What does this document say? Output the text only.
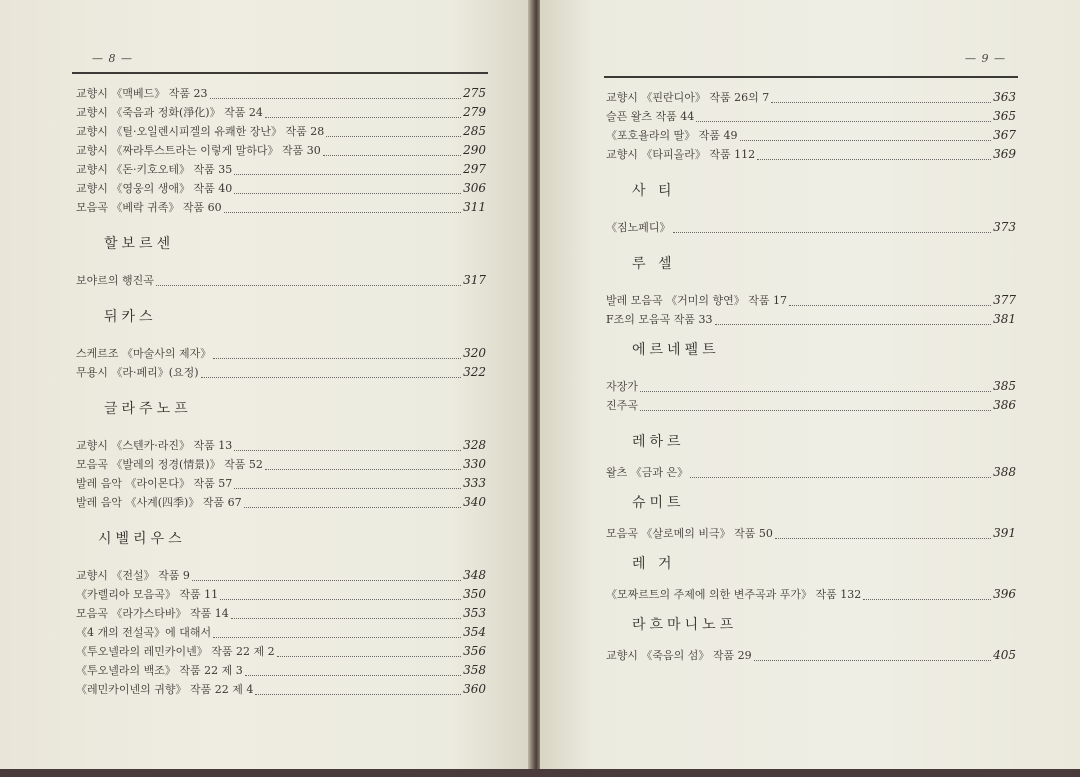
— 8 —
교향시 《맥베드》 작품 23	275
교향시 《죽음과 정화(淨化)》 작품 24	279
교향시 《틸·오일렌시피겔의 유쾌한 장난》 작품 28	285
교향시 《짜라투스트라는 이렇게 말하다》 작품 30	290
교향시 《돈·키호오테》 작품 35	297
교향시 《영웅의 생애》 작품 40	306
모음곡 《베락 귀족》 작품 60	311
할보르센
보야르의 행진곡	317
뒤카스
스케르조 《마술사의 제자》	320
무용시 《라·페리》(요정)	322
글라주노프
교향시 《스텐카·라진》 작품 13	328
모음곡 《발레의 정경(情景)》 작품 52	330
발레 음악 《라이몬다》 작품 57	333
발레 음악 《사계(四季)》 작품 67	340
시벨리우스
교향시 《전설》 작품 9	348
《카렐리아 모음곡》 작품 11	350
모음곡 《라가스타바》 작품 14	353
《4 개의 전설곡》에 대해서	354
《투오넬라의 레민카이넨》 작품 22 제 2	356
《투오넬라의 백조》 작품 22 제 3	358
《레민카이넨의 귀향》 작품 22 제 4	360
— 9 —
교향시 《핀란디아》 작품 26의 7	363
슬픈 왈츠 작품 44	365
《포호욜라의 딸》 작품 49	367
교향시 《타피올라》 작품 112	369
사 티
《짐노페디》	373
루 셀
발레 모음곡 《거미의 향연》 작품 17	377
F조의 모음곡 작품 33	381
에르네펠트
자장가	385
진주곡	386
레하르
왈츠 《금과 은》	388
슈미트
모음곡 《살로메의 비극》 작품 50	391
레 거
《모짜르트의 주제에 의한 변주곡과 푸가》 작품 132	396
라흐마니노프
교향시 《죽음의 섬》 작품 29	405
